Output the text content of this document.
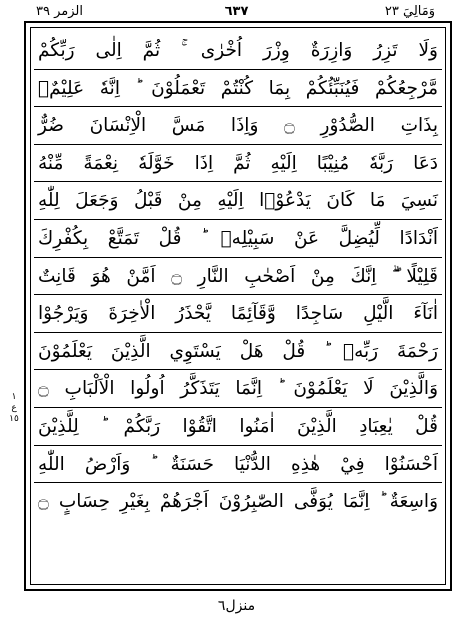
الزمر ٣٩	٦٣٧	وَمَالِيَ ٢٣
وَلَا تَزِرُ وَازِرَةٌ وِزْرَ اُخْرٰى ۚ ثُمَّ اِلٰى رَبِّكُمْ
مَّرْجِعُكُمْ فَيُنَبِّئُكُمْ بِمَا كُنْتُمْ تَعْمَلُوْنَ ؕ اِنَّهٗ عَلِيْمٌۢ
بِذَاتِ الصُّدُوْرِ ۝ وَاِذَا مَسَّ الْاِنْسَانَ ضُرٌّ
دَعَا رَبَّهٗ مُنِيْبًا اِلَيْهِ ثُمَّ اِذَا خَوَّلَهٗ نِعْمَةً مِّنْهُ
نَسِيَ مَا كَانَ يَدْعُوْۤا اِلَيْهِ مِنْ قَبْلُ وَجَعَلَ لِلّٰهِ
اَنْدَادًا لِّيُضِلَّ عَنْ سَبِيْلِهٖ ؕ قُلْ تَمَتَّعْ بِكُفْرِكَ
قَلِيْلًا ۖۗ اِنَّكَ مِنْ اَصْحٰبِ النَّارِ ۝ اَمَّنْ هُوَ قَانِتٌ
اٰنَآءَ الَّيْلِ سَاجِدًا وَّقَآئِمًا يَّحْذَرُ الْاٰخِرَةَ وَيَرْجُوْا
رَحْمَةَ رَبِّهٖ ؕ قُلْ هَلْ يَسْتَوِي الَّذِيْنَ يَعْلَمُوْنَ
وَالَّذِيْنَ لَا يَعْلَمُوْنَ ؕ اِنَّمَا يَتَذَكَّرُ اُولُوا الْاَلْبَابِ ۝
قُلْ يٰعِبَادِ الَّذِيْنَ اٰمَنُوا اتَّقُوْا رَبَّكُمْ ؕ لِلَّذِيْنَ
اَحْسَنُوْا فِيْ هٰذِهِ الدُّنْيَا حَسَنَةٌ ؕ وَاَرْضُ اللّٰهِ
وَاسِعَةٌ ؕ اِنَّمَا يُوَفَّى الصّٰبِرُوْنَ اَجْرَهُمْ بِغَيْرِ حِسَابٍ ۝
١
ع
١٥
منزل٦
